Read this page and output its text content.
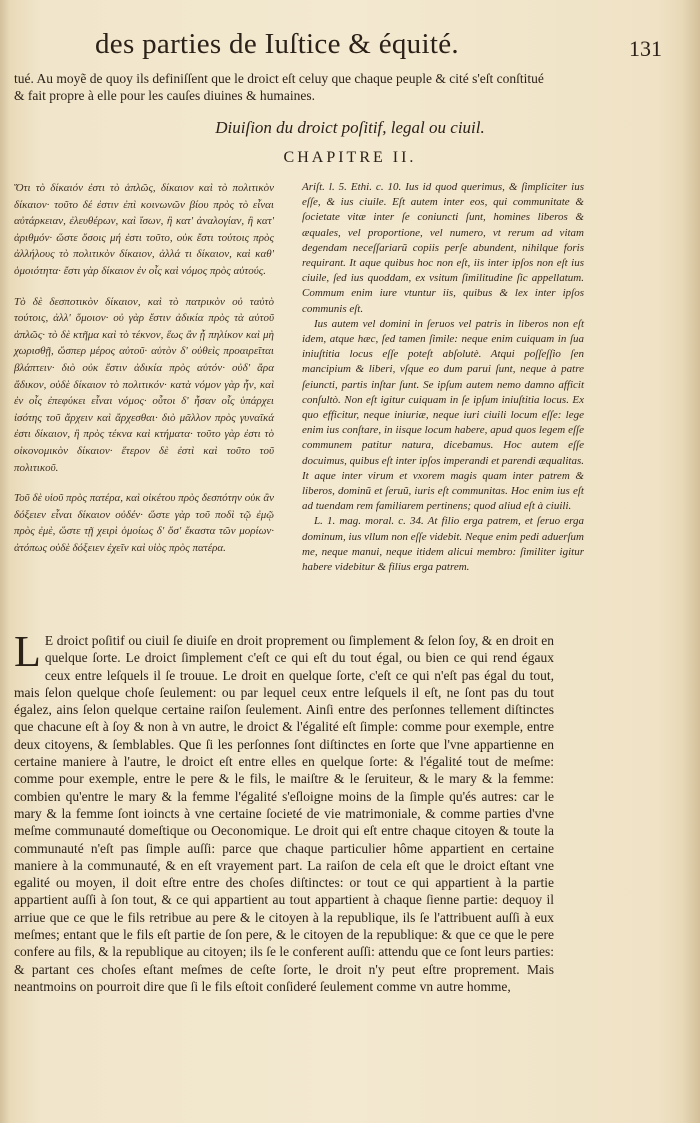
des parties de Iuſtice & équité.	131
tué. Au moyẽ de quoy ils definiſſent que le droict eſt celuy que chaque peuple & cité s'eſt conſtitué & fait propre à elle pour les cauſes diuines & humaines.
Diuiſion du droict poſitif, legal ou ciuil.
CHAPITRE II.

Ὅτι τὸ δίκαιόν ἐστι τὸ ἁπλῶς, δίκαιον καὶ τὸ πολιτικὸν δίκαιον· τοῦτο δέ ἐστιν ἐπὶ κοινωνῶν βίου πρὸς τὸ εἶναι αὐτάρκειαν, ἐλευθέρων, καὶ ἴσων, ἢ κατ' ἀναλογίαν, ἢ κατ' ἀριθμόν· ὥστε ὅσοις μή ἐστι τοῦτο, οὐκ ἔστι τούτοις πρὸς ἀλλήλους τὸ πολιτικὸν δίκαιον, ἀλλά τι δίκαιον, καὶ καθ' ὁμοιότητα· ἔστι γὰρ δίκαιον ἐν οἷς καὶ νόμος πρὸς αὐτούς.

Τὸ δὲ δεσποτικὸν δίκαιον, καὶ τὸ πατρικὸν οὐ ταὐτὸ τούτοις, ἀλλ' ὅμοιον· οὐ γὰρ ἔστιν ἀδικία πρὸς τὰ αὑτοῦ ἁπλῶς· τὸ δὲ κτῆμα καὶ τὸ τέκνον, ἕως ἂν ᾖ πηλίκον καὶ μὴ χωρισθῇ, ὥσπερ μέρος αὐτοῦ· αὑτὸν δ' οὐθεὶς προαιρεῖται βλάπτειν· διὸ οὐκ ἔστιν ἀδικία πρὸς αὑτόν· οὐδ' ἄρα ἄδικον, οὐδὲ δίκαιον τὸ πολιτικόν· κατὰ νόμον γὰρ ἦν, καὶ ἐν οἷς ἐπεφύκει εἶναι νόμος· οὗτοι δ' ἦσαν οἷς ὑπάρχει ἰσότης τοῦ ἄρχειν καὶ ἄρχεσθαι· διὸ μᾶλλον πρὸς γυναῖκά ἐστι δίκαιον, ἢ πρὸς τέκνα καὶ κτήματα· τοῦτο γὰρ ἐστι τὸ οἰκονομικὸν δίκαιον· ἕτερον δὲ ἐστὶ καὶ τοῦτο τοῦ πολιτικοῦ.

Τοῦ δὲ υἱοῦ πρὸς πατέρα, καὶ οἰκέτου πρὸς δεσπότην οὐκ ἂν δόξειεν εἶναι δίκαιον οὐδέν· ὥστε γὰρ τοῦ ποδὶ τῷ ἐμῷ πρὸς ἐμὲ, ὥστε τῇ χειρὶ ὁμοίως δ' ὅσ' ἕκαστα τῶν μορίων· ἀτόπως οὐδὲ δόξειεν ἐχεῖν καὶ υἱὸς πρὸς πατέρα.

Ariſt. l. 5. Ethi. c. 10. Ius id quod querimus, & ſimpliciter ius eſſe, & ius ciuile. Eſt autem inter eos, qui communitate & ſocietate vitæ inter ſe coniuncti ſunt, homines liberos & æquales, vel proportione, vel numero, vt rerum ad vitam degendam neceſſariarũ copiis perſe abundent, nihilque foris requirant. It aque quibus hoc non eſt, iis inter ipſos non eſt ius ciuile, ſed ius quoddam, ex vsitum ſimilitudine ſic appellatum. Commum enim iure vtuntur iis, quibus & lex inter ipſos communis eſt.

Ius autem vel domini in ſeruos vel patris in liberos non eſt idem, atque hæc, ſed tamen ſimile: neque enim cuiquam in ſua iniuſtitia locus eſſe poteſt abſolutè. Atqui poſſeſſio ſen mancipium & liberi, vſque eo dum parui ſunt, neque à patre ſeiuncti, partis inſtar ſunt. Se ipſum autem nemo damno afficit conſultò. Non eſt igitur cuiquam in ſe ipſum iniuſtitia locus. Ex quo efficitur, neque iniuriæ, neque iuri ciuili locum eſſe: lege enim ius conſtare, in iisque locum habere, apud quos legem eſſe communem patitur natura, dicebamus. Hoc autem eſſe docuimus, quibus eſt inter ipſos imperandi et parendi æqualitas. It aque inter virum et vxorem magis quam inter patrem & liberos, dominũ et ſeruũ, iuris eſt communitas. Hoc enim ius eſt ad tuendam rem familiarem pertinens; quod aliud eſt à ciuili.

L. 1. mag. moral. c. 34. At filio erga patrem, et ſeruo erga dominum, ius vllum non eſſe videbit. Neque enim pedi aduerſum me, neque manui, neque itidem alicui membro: ſimiliter igitur habere videbitur & filius erga patrem.

L E droict poſitif ou ciuil ſe diuiſe en droit proprement ou ſimplement & ſelon ſoy, & en droit en quelque ſorte. Le droict ſimplement c'eſt ce qui eſt du tout égal, ou bien ce qui rend égaux ceux entre leſquels il ſe trouue. Le droit en quelque ſorte, c'eſt ce qui n'eſt pas égal du tout, mais ſelon quelque choſe ſeulement: ou par lequel ceux entre leſquels il eſt, ne ſont pas du tout égalez, ains ſelon quelque certaine raiſon ſeulement. Ainſi entre des perſonnes tellement diſtinctes que chacune eſt à ſoy & non à vn autre, le droict & l'égalité eſt ſimple: comme pour exemple, entre deux citoyens, & ſemblables. Que ſi les perſonnes ſont diſtinctes en ſorte que l'vne appartienne en certaine maniere à l'autre, le droict eſt entre elles en quelque ſorte: & l'égalité tout de meſme: comme pour exemple, entre le pere & le fils, le maiſtre & le ſeruiteur, & le mary & la femme: combien qu'entre le mary & la femme l'égalité s'eſloigne moins de la ſimple qu'és autres: car le mary & la femme ſont ioincts à vne certaine ſocieté de vie matrimoniale, & comme parties d'vne meſme communauté domeſtique ou Oeconomique. Le droit qui eſt entre chaque citoyen & toute la communauté n'eſt pas ſimple auſſi: parce que chaque particulier hôme appartient en certaine maniere à la communauté, & en eſt vrayement part. La raiſon de cela eſt que le droict eſtant vne egalité ou moyen, il doit eſtre entre des choſes diſtinctes: or tout ce qui appartient à la partie appartient auſſi à ſon tout, & ce qui appartient au tout appartient à chaque ſienne partie: dequoy il arriue que ce que le fils retribue au pere & le citoyen à la republique, ils ſe l'attribuent auſſi à eux meſmes; entant que le fils eſt partie de ſon pere, & le citoyen de la republique: & que ce que le pere confere au fils, & la republique au citoyen; ils ſe le conferent auſſi: attendu que ce ſont leurs parties: & partant ces choſes eſtant meſmes de ceſte ſorte, le droit n'y peut eſtre proprement. Mais neantmoins on pourroit dire que ſi le fils eſtoit conſideré ſeulement comme vn autre homme,
